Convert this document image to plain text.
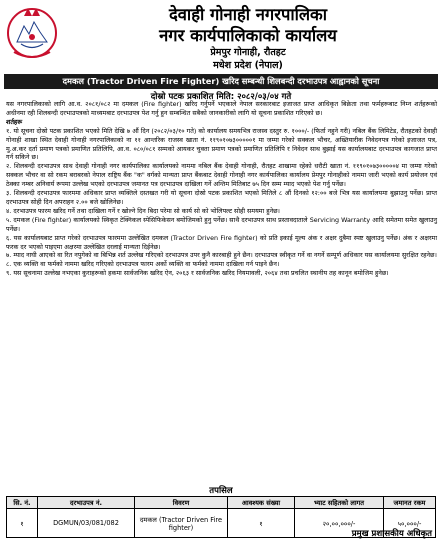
देवाही गोनाही नगरपालिका
नगर कार्यपालिकाको कार्यालय
प्रेमपुर गोनाही, रौतहट
मधेश प्रदेश (नेपाल)
दमकल (Tractor Driven Fire Fighter) खरिद सम्बन्धी शिलबन्दी दरभाउपत्र आह्वानको सूचना
दोस्रो पटक प्रकाशित मिति: २०८२/०३/०४ गते

यस नगरपालिकाको लागि आ.व. २०८१/०८२ मा दमकल (Fire fighter) खरिद गर्नुपर्ने भएकाले नेपाल सरकारबाट इजाजत प्राप्त आधिकृत बिक्रेता तथा फर्महरूबाट निम्न शर्तहरूको अधीनमा रही शिलबन्दी दरभाउपत्रको माध्यमबाट दरभाउपत्र पेश गर्नु हुन सम्बन्धित सबैको जानकारीको लागि यो सूचना प्रकाशित गरिएको छ।

शर्तहरू

१. यो सूचना दोस्रो पटक प्रकाशित भएको मिति देखि ७ औं दिन (२०८२/०३/१० गते) को कार्यालय समयभित्र राजस्व दस्तुर रु. १०००/- (फिर्ता नहुने गरी) नबिल बैंक लिमिटेड, रौतहटको देवाही गोनाही शाखा स्थित देवाही गोनाही नगरपालिकाको ना ११ आन्तरिक राजस्व खाता नं. ११९०१०७३०००००१ मा जम्मा गरेको सक्कल भौचर, अख्तियारीक निवेदनपत्र गरेको इजाजत पत्र, मु.अ.कर दर्ता प्रमाण पत्रको प्रमाणित प्रतिलिपि, आ.व. ०८०/०८१ सम्मको आयकर चुक्ता प्रमाण पत्रको प्रमाणित प्रतिलिपि र निवेदन साथ बुझाई यस कार्यालयबाट दरभाउपत्र कागजात प्राप्त गर्न सकिने छ।

२. शिलबन्दी दरभाउपत्र साथ देवाही गोनाही नगर कार्यपालिका कार्यालयको नाममा नबिल बैंक देवाही गोनाही, रौतहट शाखामा रहेको धरौटी खाता नं. ११९०१०७३०००००४ मा जम्मा गरेको सक्कल भौचर वा सो रकम बराबरको नेपाल राष्ट्रिय बैंक "क" वर्गको मान्यता प्राप्त बैंकबाट देवाही गोनाही नगर कार्यपालिका कार्यालय प्रेमपुर गोनाहीको नाममा जारी भएको कार्य प्रयोजन एवं ठेक्का नम्बर अनिवार्य रूपमा उल्लेख भएको दरभाउपत्र जमानत पत्र दरभाउपत्र दाखिला गर्ने अन्तिम मितिबाट ७५ दिन सम्म म्याद भएको पेश गर्नु पर्नेछ।

३. शिलबन्दी दरभाउपत्र फारममा अधिकार प्राप्त व्यक्तिले दस्तखत गरी यो सूचना दोस्रो पटक प्रकाशित भएको मितिले ८ औं दिनको १२:०० बजे भित्र यस कार्यालयमा बुझाउनु पर्नेछ। प्राप्त दरभाउपत्र सोही दिन अपराहन २.०० बजे खोलिनेछ।

४. दरभाउपत्र फारम खरिद गर्ने तथा दाखिला गर्ने र खोल्ने दिन बिदा परेमा सो कार्य सो को भोलिपल्ट सोही समयमा हुनेछ।

५. दमकल (Fire fighter) कार्यालयको स्विकृत टेक्निकल स्पेसिफिकेसन बमोजिमको हुनु पर्नेछ। साथै दरभाउपत्र साथ प्रस्तावदाताले Servicing Warranty आदि समेतमा समेत खुलाउनु पर्नेछ।

६. यस कार्यालयबाट प्राप्त गरेको दरभाउपत्र फारममा उल्लेखित दमकल (Tractor Driven Fire fighter) को प्रति इकाई मूल्य अंक र अक्षर दुबैमा स्पष्ट खुलाउनु पर्नेछ। अंक र अक्षरमा फरक दर भएको पाइएमा अक्षरमा उल्लेखित दरलाई मान्यता दिईनेछ।

७. म्याद नाघी आएको वा रित नपुगेको वा बिभिन्न शर्त उल्लेख गरिएको दरभाउपत्र उपर कुनै कारबाही हुने छैन। दरभाउपत्र स्वीकृत गर्ने वा नगर्ने सम्पूर्ण अधिकार यस कार्यालयमा सुरक्षित रहनेछ।

८. एक व्यक्ति वा फर्मको नाममा खरिद गरिएको दरभाउपत्र फारम अर्को व्यक्ति वा फर्मको नाममा दाखिला गर्न पाइने छैन।

९. यस सूचनामा उल्लेख नभएका कुराहरूको हकमा सार्वजनिक खरिद ऐन, २०६३ र सार्वजनिक खरिद नियमावली, २०६४ तथा प्रचलित स्थानीय तह कानून बमोजिम हुनेछ।

तपसिल
सि. नं.	दरभाउपत्र नं.	विवरण	आवश्यक संख्या	भ्याट सहितको लागत	जमानत रकम
१	DGMUN/03/081/082	दमकल (Tractor Driven Fire fighter)	१	२०,००,०००/-	५०,०००/-
प्रमुख प्रशासकीय अधिकृत
